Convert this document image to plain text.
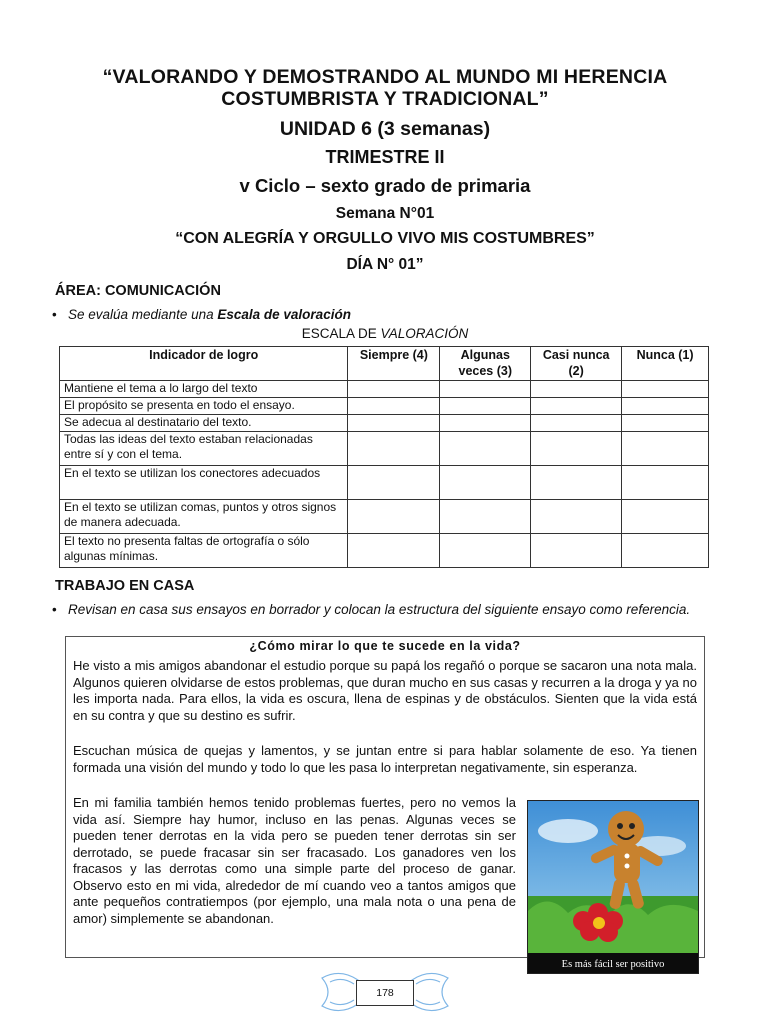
“VALORANDO Y DEMOSTRANDO AL MUNDO MI HERENCIA

COSTUMBRISTA Y TRADICIONAL”

UNIDAD 6 (3 semanas)

TRIMESTRE II

v Ciclo – sexto grado de primaria

Semana N°01

“CON ALEGRÍA Y ORGULLO VIVO MIS COSTUMBRES”

DÍA N° 01”

ÁREA: COMUNICACIÓN

• Se evalúa mediante una Escala de valoración
ESCALA DE VALORACIÓN
Indicador de logro	Siempre (4)	Algunas veces (3)	Casi nunca (2)	Nunca (1)
Mantiene el tema a lo largo del texto				
El propósito se presenta en todo el ensayo.				
Se adecua al destinatario del texto.				
Todas las ideas del texto estaban relacionadas entre sí y con el tema.				
En el texto se utilizan los conectores adecuados				
En el texto se utilizan comas, puntos y otros signos de manera adecuada.				
El texto no presenta faltas de ortografía o sólo algunas mínimas.				

TRABAJO EN CASA

• Revisan en casa sus ensayos en borrador y colocan la estructura del siguiente ensayo como referencia.
¿Cómo mirar lo que te sucede en la vida?

He visto a mis amigos abandonar el estudio porque su papá los regañó o porque se sacaron una nota mala. Algunos quieren olvidarse de estos problemas, que duran mucho en sus casas y recurren a la droga y ya no les importa nada. Para ellos, la vida es oscura, llena de espinas y de obstáculos. Sienten que la vida está en su contra y que su destino es sufrir.

Escuchan música de quejas y lamentos, y se juntan entre si para hablar solamente de eso. Ya tienen formada una visión del mundo y todo lo que les pasa lo interpretan negativamente, sin esperanza.

En mi familia también hemos tenido problemas fuertes, pero no vemos la vida así. Siempre hay humor, incluso en las penas. Algunas veces se pueden tener derrotas en la vida pero se pueden tener derrotas sin ser derrotado, se puede fracasar sin ser fracasado. Los ganadores ven los fracasos y las derrotas como una simple parte del proceso de ganar. Observo esto en mi vida, alrededor de mí cuando veo a tantos amigos que ante pequeños contratiempos (por ejemplo, una mala nota o una pena de amor) simplemente se abandonan.

Es más fácil ser positivo
178
